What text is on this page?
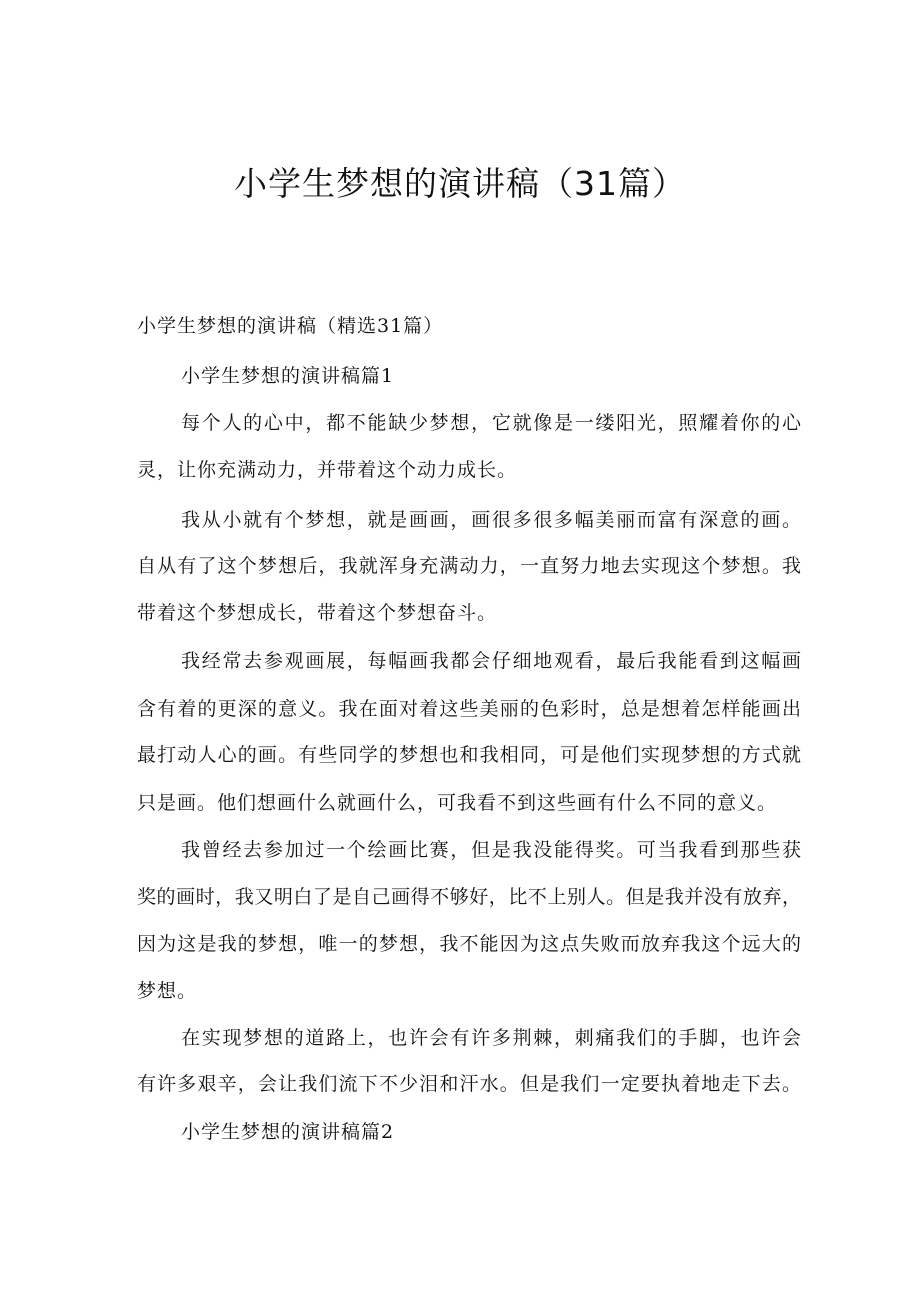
小学生梦想的演讲稿（31篇）
小学生梦想的演讲稿（精选31篇）
小学生梦想的演讲稿篇1
每个人的心中，都不能缺少梦想，它就像是一缕阳光，照耀着你的心
灵，让你充满动力，并带着这个动力成长。
我从小就有个梦想，就是画画，画很多很多幅美丽而富有深意的画。
自从有了这个梦想后，我就浑身充满动力，一直努力地去实现这个梦想。我
带着这个梦想成长，带着这个梦想奋斗。
我经常去参观画展，每幅画我都会仔细地观看，最后我能看到这幅画
含有着的更深的意义。我在面对着这些美丽的色彩时，总是想着怎样能画出
最打动人心的画。有些同学的梦想也和我相同，可是他们实现梦想的方式就
只是画。他们想画什么就画什么，可我看不到这些画有什么不同的意义。
我曾经去参加过一个绘画比赛，但是我没能得奖。可当我看到那些获
奖的画时，我又明白了是自己画得不够好，比不上别人。但是我并没有放弃，
因为这是我的梦想，唯一的梦想，我不能因为这点失败而放弃我这个远大的
梦想。
在实现梦想的道路上，也许会有许多荆棘，刺痛我们的手脚，也许会
有许多艰辛，会让我们流下不少泪和汗水。但是我们一定要执着地走下去。
小学生梦想的演讲稿篇2
